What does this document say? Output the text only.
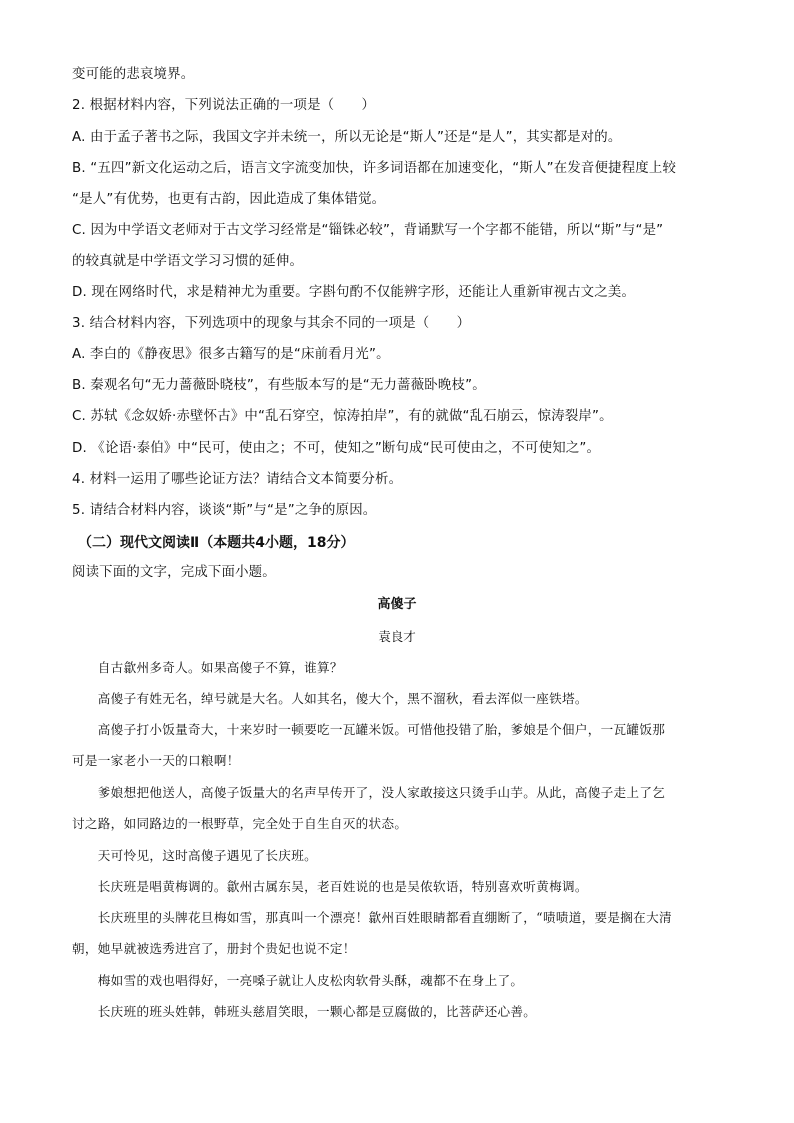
变可能的悲哀境界。
2. 根据材料内容，下列说法正确的一项是（　　）
A. 由于孟子著书之际，我国文字并未统一，所以无论是“斯人”还是“是人”，其实都是对的。
B. “五四”新文化运动之后，语言文字流变加快，许多词语都在加速变化，“斯人”在发音便捷程度上较
“是人”有优势，也更有古韵，因此造成了集体错觉。
C. 因为中学语文老师对于古文学习经常是“锱铢必较”，背诵默写一个字都不能错，所以“斯”与“是”
的较真就是中学语文学习习惯的延伸。
D. 现在网络时代，求是精神尤为重要。字斟句酌不仅能辨字形，还能让人重新审视古文之美。
3. 结合材料内容，下列选项中的现象与其余不同的一项是（　　）
A. 李白的《静夜思》很多古籍写的是“床前看月光”。
B. 秦观名句“无力蔷薇卧晓枝”，有些版本写的是“无力蔷薇卧晚枝”。
C. 苏轼《念奴娇·赤壁怀古》中“乱石穿空，惊涛拍岸”，有的就做“乱石崩云，惊涛裂岸”。
D. 《论语·泰伯》中“民可，使由之；不可，使知之”断句成“民可使由之，不可使知之”。
4. 材料一运用了哪些论证方法？请结合文本简要分析。
5. 请结合材料内容，谈谈“斯”与“是”之争的原因。
（二）现代文阅读Ⅱ（本题共4小题，18分）
阅读下面的文字，完成下面小题。
高傻子
袁良才
　　自古歙州多奇人。如果高傻子不算，谁算？
　　高傻子有姓无名，绰号就是大名。人如其名，傻大个，黑不溜秋，看去浑似一座铁塔。
　　高傻子打小饭量奇大，十来岁时一顿要吃一瓦罐米饭。可惜他投错了胎，爹娘是个佃户，一瓦罐饭那
可是一家老小一天的口粮啊！
　　爹娘想把他送人，高傻子饭量大的名声早传开了，没人家敢接这只烫手山芋。从此，高傻子走上了乞
讨之路，如同路边的一根野草，完全处于自生自灭的状态。
　　天可怜见，这时高傻子遇见了长庆班。
　　长庆班是唱黄梅调的。歙州古属东吴，老百姓说的也是吴侬软语，特别喜欢听黄梅调。
　　长庆班里的头牌花旦梅如雪，那真叫一个漂亮！歙州百姓眼睛都看直绷断了，“啧啧道，要是搁在大清
朝，她早就被选秀进宫了，册封个贵妃也说不定！
　　梅如雪的戏也唱得好，一亮嗓子就让人皮松肉软骨头酥，魂都不在身上了。
　　长庆班的班头姓韩，韩班头慈眉笑眼，一颗心都是豆腐做的，比菩萨还心善。
